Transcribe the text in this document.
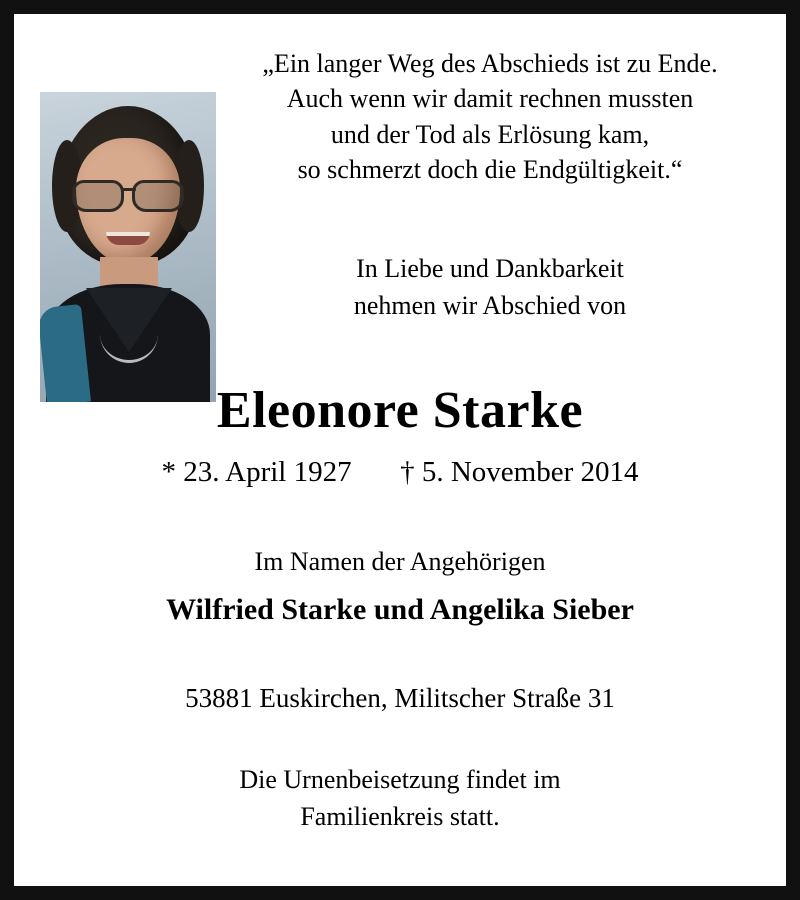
„Ein langer Weg des Abschieds ist zu Ende.
Auch wenn wir damit rechnen mussten
und der Tod als Erlösung kam,
so schmerzt doch die Endgültigkeit.“
In Liebe und Dankbarkeit
nehmen wir Abschied von
Eleonore Starke
* 23. April 1927 † 5. November 2014
Im Namen der Angehörigen
Wilfried Starke und Angelika Sieber
53881 Euskirchen, Militscher Straße 31
Die Urnenbeisetzung findet im
Familienkreis statt.
